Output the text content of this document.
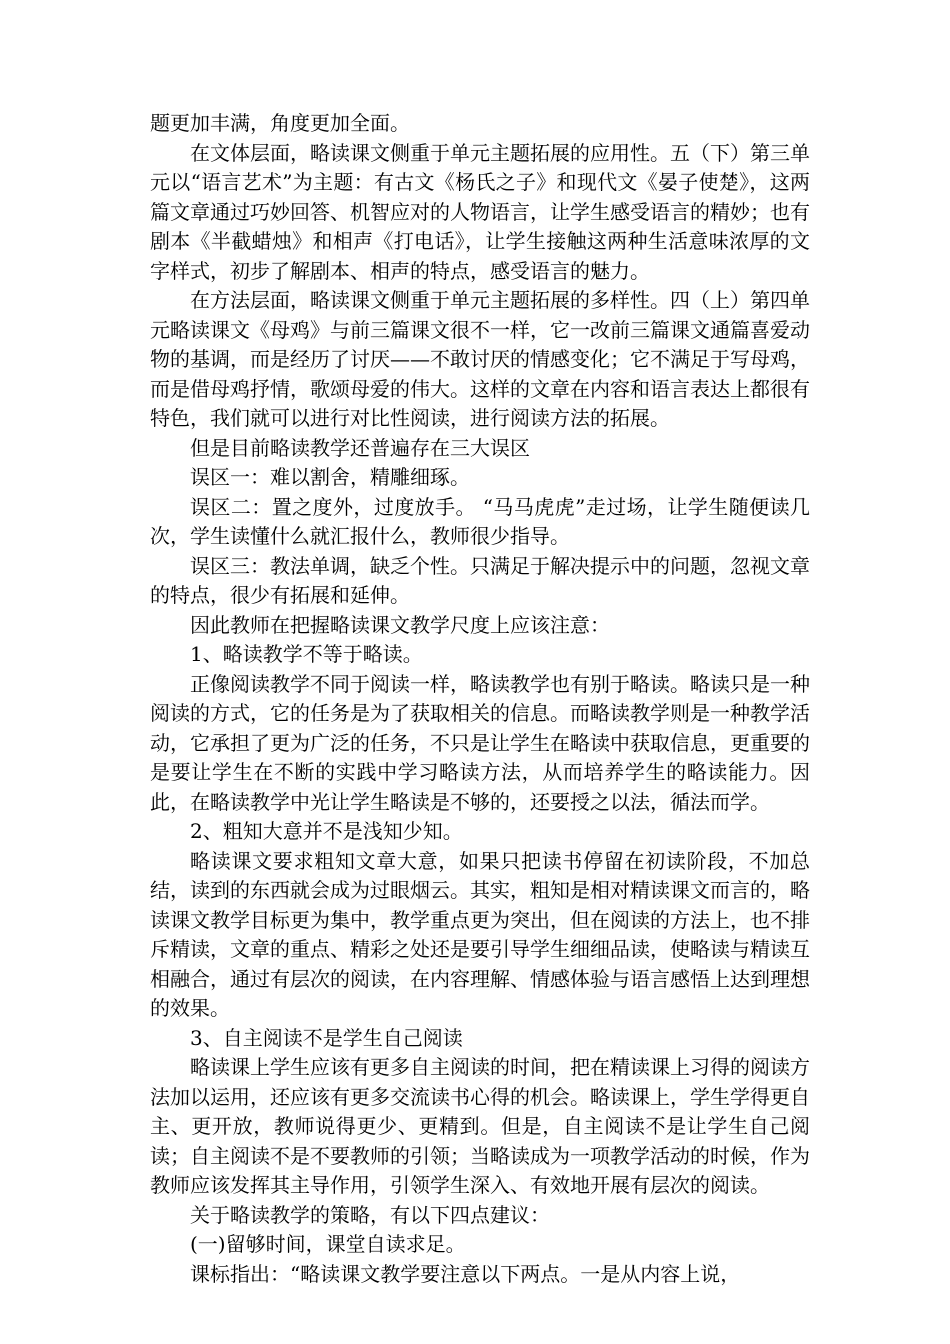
题更加丰满，角度更加全面。

在文体层面，略读课文侧重于单元主题拓展的应用性。五（下）第三单元以“语言艺术”为主题：有古文《杨氏之子》和现代文《晏子使楚》，这两篇文章通过巧妙回答、机智应对的人物语言，让学生感受语言的精妙；也有剧本《半截蜡烛》和相声《打电话》，让学生接触这两种生活意味浓厚的文字样式，初步了解剧本、相声的特点，感受语言的魅力。

在方法层面，略读课文侧重于单元主题拓展的多样性。四（上）第四单元略读课文《母鸡》与前三篇课文很不一样，它一改前三篇课文通篇喜爱动物的基调，而是经历了讨厌——不敢讨厌的情感变化；它不满足于写母鸡，而是借母鸡抒情，歌颂母爱的伟大。这样的文章在内容和语言表达上都很有特色，我们就可以进行对比性阅读，进行阅读方法的拓展。

但是目前略读教学还普遍存在三大误区

误区一：难以割舍，精雕细琢。

误区二：置之度外，过度放手。 “马马虎虎”走过场，让学生随便读几次，学生读懂什么就汇报什么，教师很少指导。

误区三：教法单调，缺乏个性。只满足于解决提示中的问题，忽视文章的特点，很少有拓展和延伸。

因此教师在把握略读课文教学尺度上应该注意：

1、略读教学不等于略读。

正像阅读教学不同于阅读一样，略读教学也有别于略读。略读只是一种阅读的方式，它的任务是为了获取相关的信息。而略读教学则是一种教学活动，它承担了更为广泛的任务，不只是让学生在略读中获取信息，更重要的是要让学生在不断的实践中学习略读方法，从而培养学生的略读能力。因此，在略读教学中光让学生略读是不够的，还要授之以法，循法而学。

2、粗知大意并不是浅知少知。

略读课文要求粗知文章大意，如果只把读书停留在初读阶段，不加总结，读到的东西就会成为过眼烟云。其实，粗知是相对精读课文而言的，略读课文教学目标更为集中，教学重点更为突出，但在阅读的方法上，也不排斥精读，文章的重点、精彩之处还是要引导学生细细品读，使略读与精读互相融合，通过有层次的阅读，在内容理解、情感体验与语言感悟上达到理想的效果。

3、自主阅读不是学生自己阅读

略读课上学生应该有更多自主阅读的时间，把在精读课上习得的阅读方法加以运用，还应该有更多交流读书心得的机会。略读课上，学生学得更自主、更开放，教师说得更少、更精到。但是，自主阅读不是让学生自己阅读；自主阅读不是不要教师的引领；当略读成为一项教学活动的时候，作为教师应该发挥其主导作用，引领学生深入、有效地开展有层次的阅读。

关于略读教学的策略，有以下四点建议：

(一)留够时间，课堂自读求足。

课标指出：“略读课文教学要注意以下两点。一是从内容上说，
